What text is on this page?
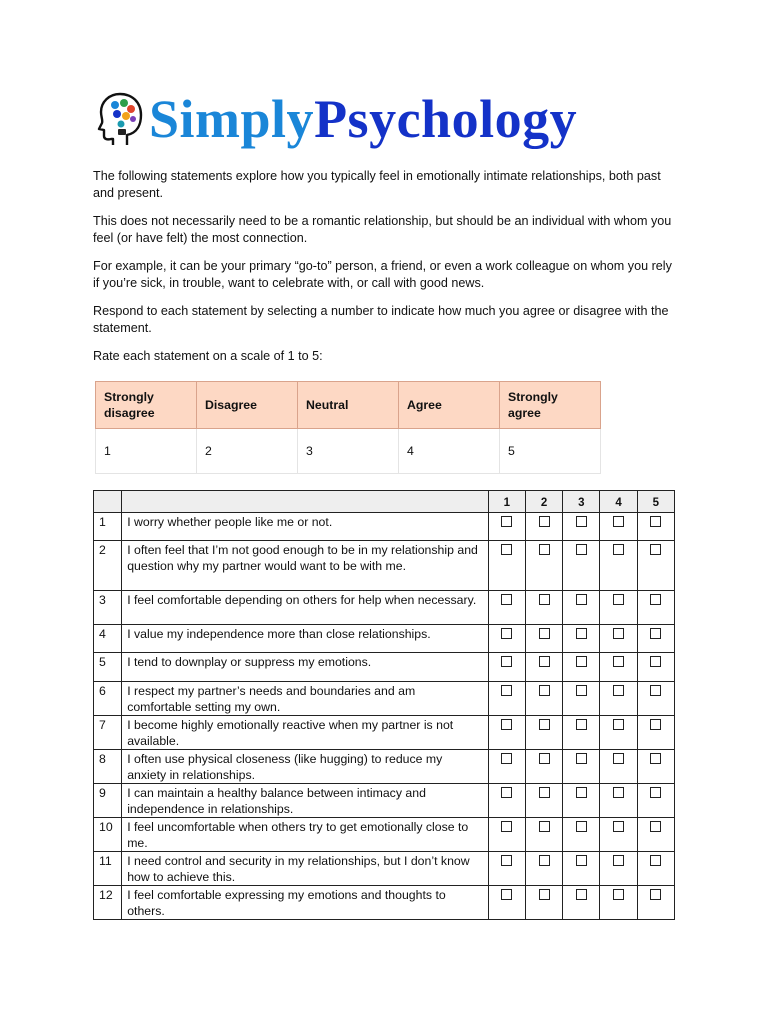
SimplyPsychology

The following statements explore how you typically feel in emotionally intimate relationships, both past and present.

This does not necessarily need to be a romantic relationship, but should be an individual with whom you feel (or have felt) the most connection.

For example, it can be your primary “go-to” person, a friend, or even a work colleague on whom you rely if you’re sick, in trouble, want to celebrate with, or call with good news.

Respond to each statement by selecting a number to indicate how much you agree or disagree with the statement.

Rate each statement on a scale of 1 to 5:

Strongly disagree	Disagree	Neutral	Agree	Strongly agree
1	2	3	4	5
		1	2	3	4	5
1	I worry whether people like me or not.					
2	I often feel that I’m not good enough to be in my relationship and question why my partner would want to be with me.					
3	I feel comfortable depending on others for help when necessary.					
4	I value my independence more than close relationships.					
5	I tend to downplay or suppress my emotions.					
6	I respect my partner’s needs and boundaries and am comfortable setting my own.					
7	I become highly emotionally reactive when my partner is not available.					
8	I often use physical closeness (like hugging) to reduce my anxiety in relationships.					
9	I can maintain a healthy balance between intimacy and independence in relationships.					
10	I feel uncomfortable when others try to get emotionally close to me.					
11	I need control and security in my relationships, but I don’t know how to achieve this.					
12	I feel comfortable expressing my emotions and thoughts to others.					
